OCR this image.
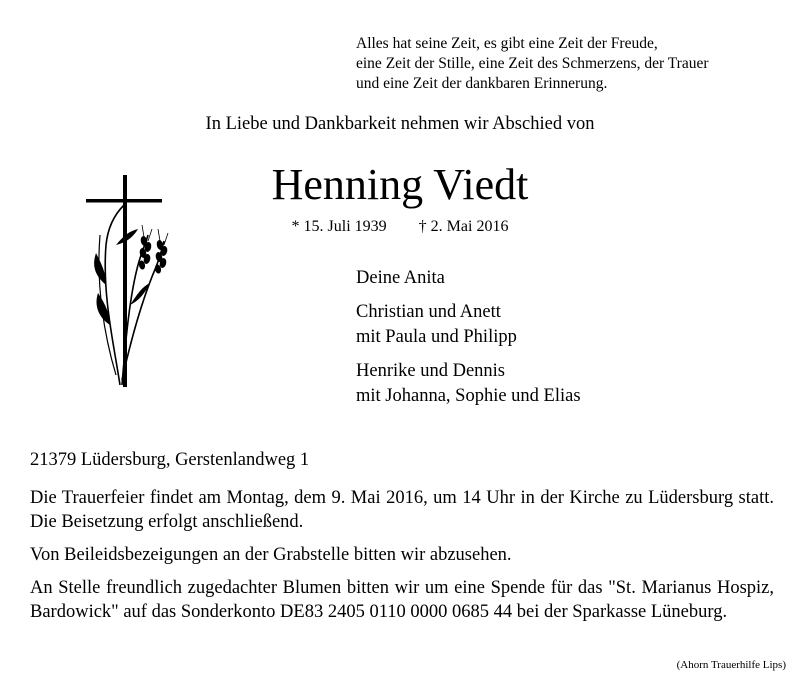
Alles hat seine Zeit, es gibt eine Zeit der Freude,
eine Zeit der Stille, eine Zeit des Schmerzens, der Trauer
und eine Zeit der dankbaren Erinnerung.
In Liebe und Dankbarkeit nehmen wir Abschied von
Henning Viedt
* 15. Juli 1939 † 2. Mai 2016
Deine Anita
Christian und Anett
mit Paula und Philipp
Henrike und Dennis
mit Johanna, Sophie und Elias
21379 Lüdersburg, Gerstenlandweg 1

Die Trauerfeier findet am Montag, dem 9. Mai 2016, um 14 Uhr in der Kirche zu Lüdersburg statt. Die Beisetzung erfolgt anschließend.

Von Beileidsbezeigungen an der Grabstelle bitten wir abzusehen.

An Stelle freundlich zugedachter Blumen bitten wir um eine Spende für das "St. Marianus Hospiz, Bardowick" auf das Sonderkonto DE83 2405 0110 0000 0685 44 bei der Sparkasse Lüneburg.

(Ahorn Trauerhilfe Lips)
